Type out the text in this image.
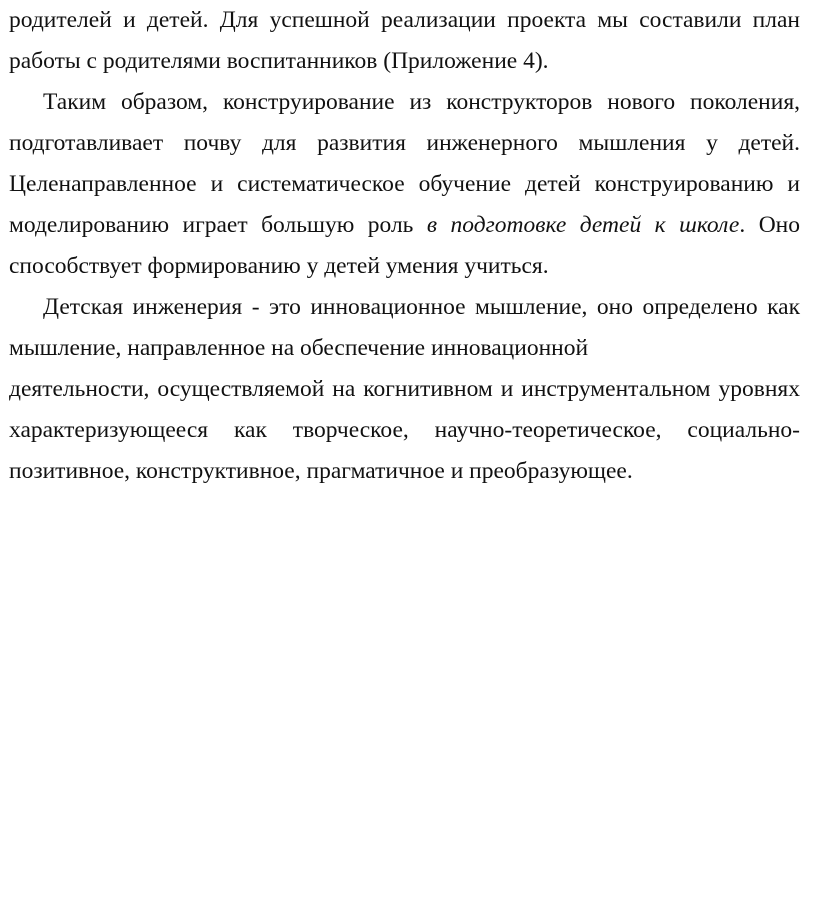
родителей и детей. Для успешной реализации проекта мы составили план
работы с родителями воспитанников (Приложение 4).
Таким образом, конструирование из конструкторов нового поколения,
подготавливает почву для развития инженерного мышления у детей.
Целенаправленное и систематическое обучение детей конструированию и
моделированию играет большую роль в подготовке детей к школе. Оно
способствует формированию у детей умения учиться.
Детская инженерия - это инновационное мышление, оно определено как
мышление, направленное на обеспечение инновационной
деятельности, осуществляемой на когнитивном и инструментальном уровнях
характеризующееся как творческое, научно-теоретическое, социально-
позитивное, конструктивное, прагматичное и преобразующее.
